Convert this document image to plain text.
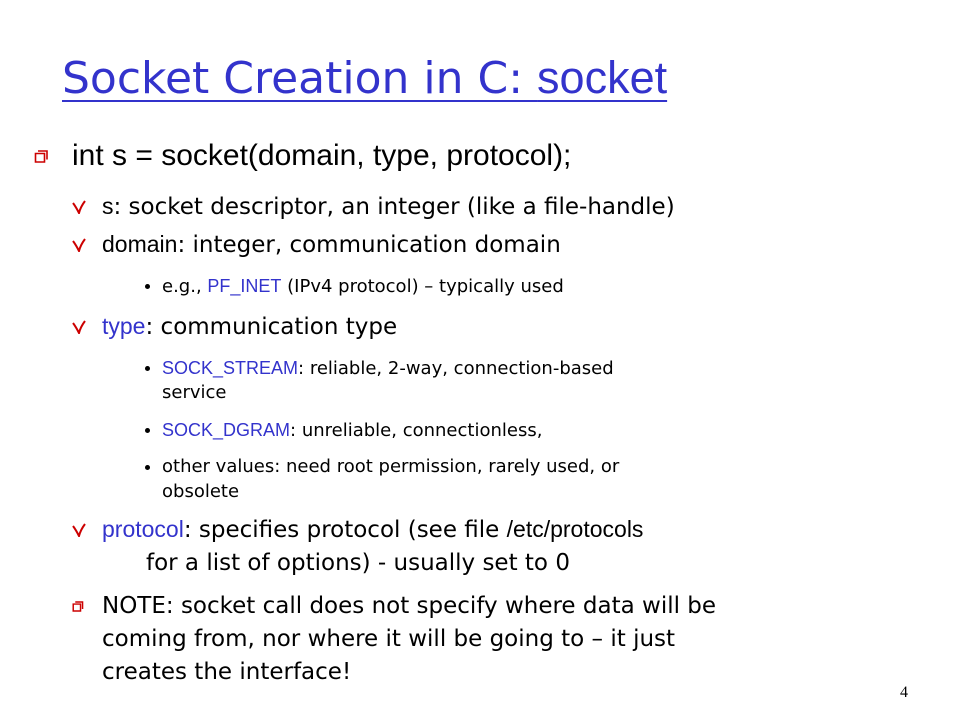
Socket Creation in C: socket
int s = socket(domain, type, protocol);
s: socket descriptor, an integer (like a file-handle)
domain: integer, communication domain
e.g., PF_INET (IPv4 protocol) – typically used
type: communication type
SOCK_STREAM: reliable, 2-way, connection-based
service
SOCK_DGRAM: unreliable, connectionless,
other values: need root permission, rarely used, or
obsolete
protocol: specifies protocol (see file /etc/protocols
for a list of options) - usually set to 0
NOTE: socket call does not specify where data will be
coming from, nor where it will be going to – it just
creates the interface!
4
